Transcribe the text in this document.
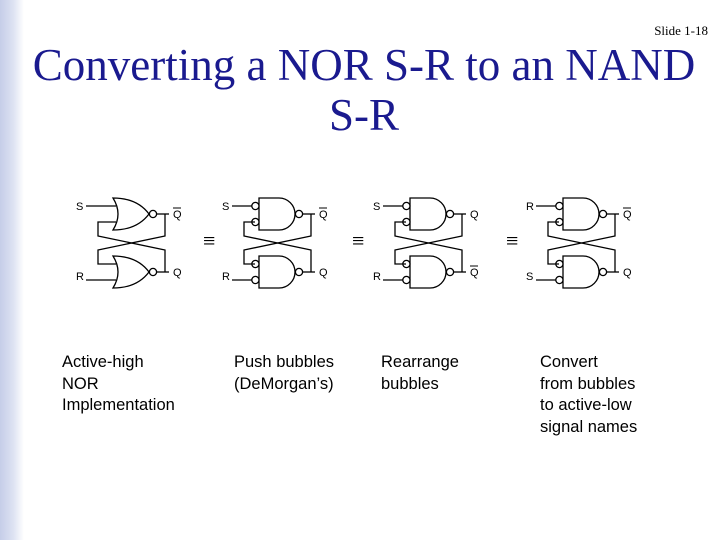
Slide 1-18
Converting a NOR S-R to an NAND
S-R
S
R
Q
Q
S
R
Q
Q
S
R
Q
Q
R
S
Q
Q
≡	≡	≡
Active-high
NOR
Implementation
Push bubbles
(DeMorgan’s)
Rearrange
bubbles
Convert
from bubbles
to active-low
signal names
